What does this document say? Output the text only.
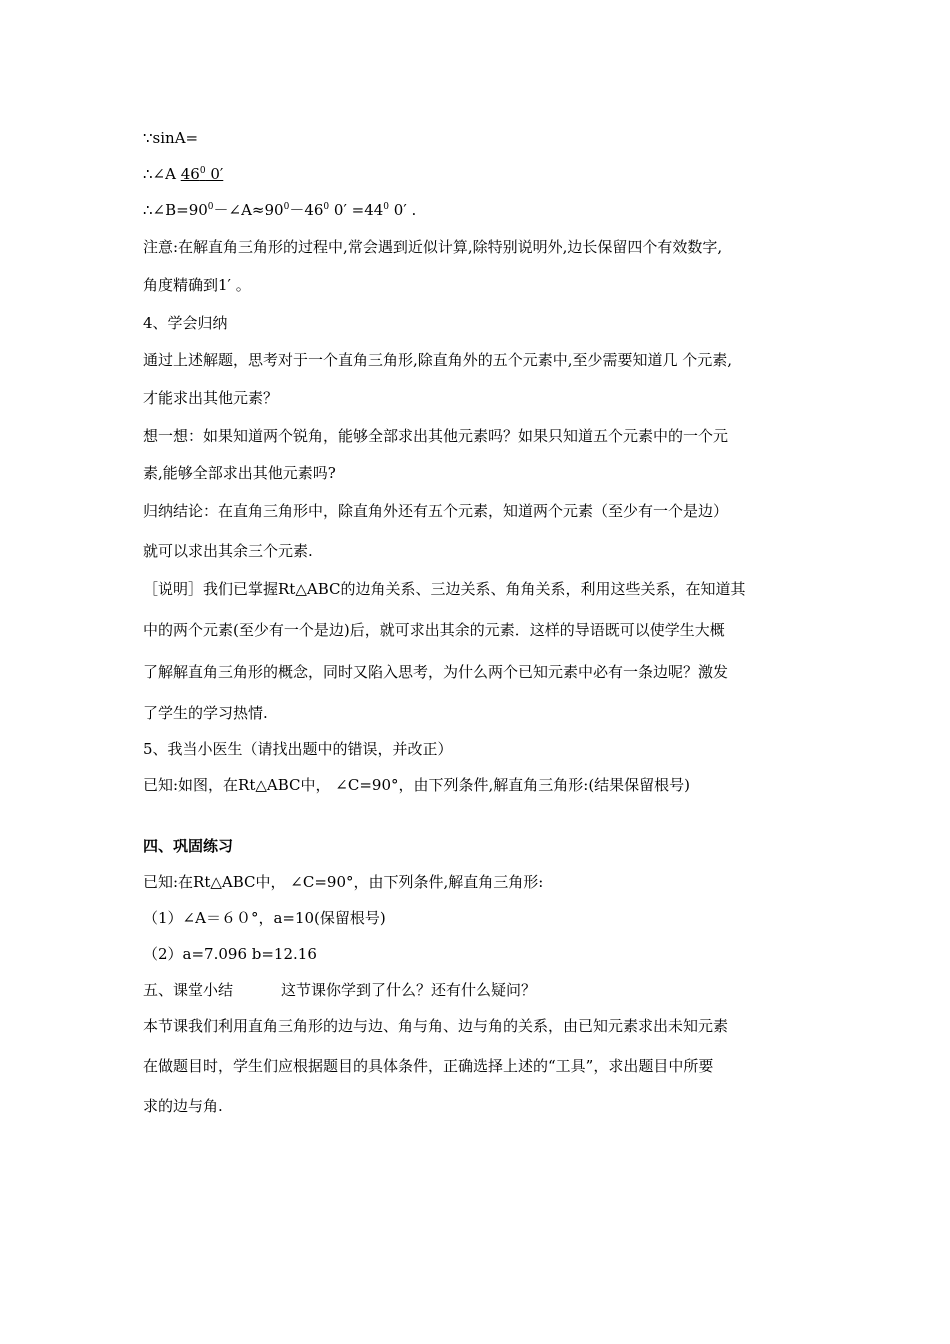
∵sinA=
∴∠A $46^0$ 0′
$\therefore\angle B=90^0-\angle A\approx 90^0-46^0$ $0' =44^0$ 0′ .
注意:在解直角三角形的过程中,常会遇到近似计算,除特别说明外,边长保留四个有效数字,
角度精确到1′ 。
4、学会归纳
通过上述解题，思考对于一个直角三角形,除直角外的五个元素中,至少需要知道几 个元素,
才能求出其他元素？
想一想：如果知道两个锐角，能够全部求出其他元素吗？如果只知道五个元素中的一个元
素,能够全部求出其他元素吗?
归纳结论：在直角三角形中，除直角外还有五个元素，知道两个元素（至少有一个是边）
就可以求出其余三个元素.
［说明］我们已掌握Rt△ABC的边角关系、三边关系、角角关系，利用这些关系，在知道其
中的两个元素(至少有一个是边)后，就可求出其余的元素．这样的导语既可以使学生大概
了解解直角三角形的概念，同时又陷入思考，为什么两个已知元素中必有一条边呢？激发
了学生的学习热情.
5、我当小医生（请找出题中的错误，并改正）
已知:如图，在Rt△ABC中， ∠C=90°，由下列条件,解直角三角形:(结果保留根号)
四、巩固练习
已知:在Rt△ABC中， ∠C=90°，由下列条件,解直角三角形:
（1）∠A＝６０°，a=10(保留根号)
（2）a=7.096 b=12.16
五、课堂小结	这节课你学到了什么？还有什么疑问？
本节课我们利用直角三角形的边与边、角与角、边与角的关系，由已知元素求出未知元素
在做题目时，学生们应根据题目的具体条件，正确选择上述的“工具”，求出题目中所要
求的边与角.
